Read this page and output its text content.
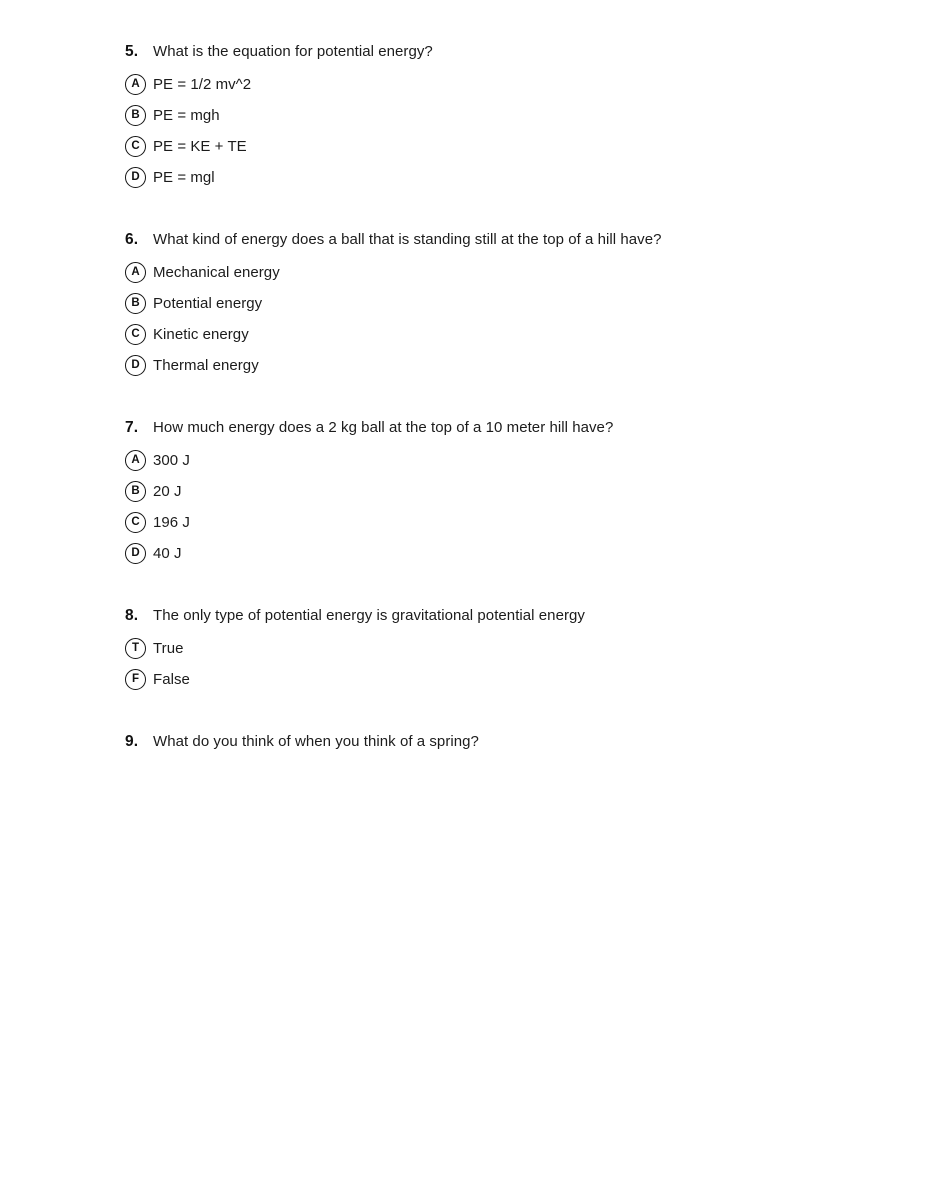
5. What is the equation for potential energy?
A PE = 1/2 mv^2
B PE = mgh
C PE = KE + TE
D PE = mgl
6. What kind of energy does a ball that is standing still at the top of a hill have?
A Mechanical energy
B Potential energy
C Kinetic energy
D Thermal energy
7. How much energy does a 2 kg ball at the top of a 10 meter hill have?
A 300 J
B 20 J
C 196 J
D 40 J
8. The only type of potential energy is gravitational potential energy
T True
F False
9. What do you think of when you think of a spring?
